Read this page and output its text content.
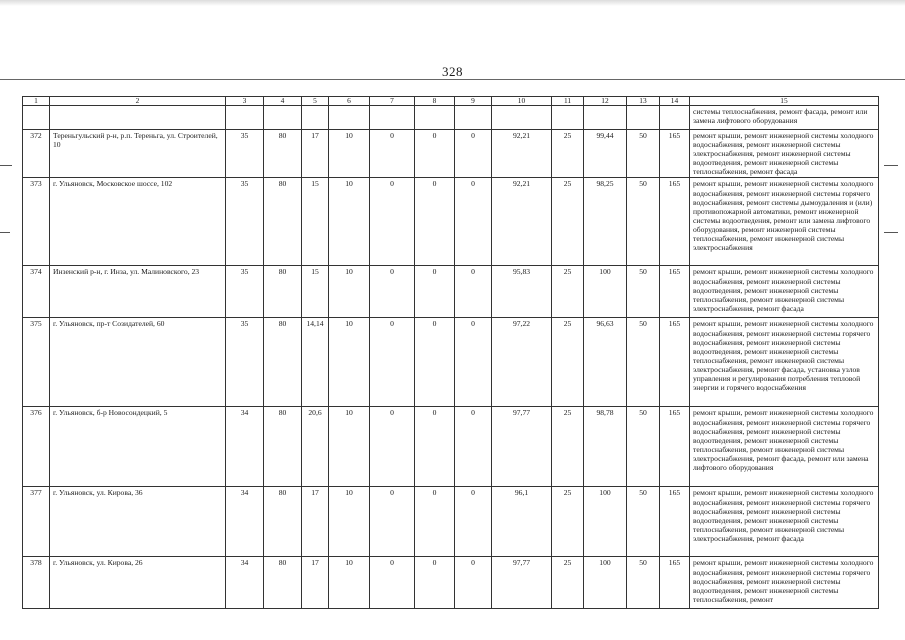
328
1	2	3	4	5	6	7	8	9	10	11	12	13	14	15
														системы теплоснабжения, ремонт фасада, ремонт или замена лифтового оборудования
372	Тереньгульский р-н, р.п. Тереньга, ул. Строителей, 10	35	80	17	10	0	0	0	92,21	25	99,44	50	165	ремонт крыши, ремонт инженерной системы холодного водоснабжения, ремонт инженерной системы электроснабжения, ремонт инженерной системы водоотведения, ремонт инженерной системы теплоснабжения, ремонт фасада
373	г. Ульяновск, Московское шоссе, 102	35	80	15	10	0	0	0	92,21	25	98,25	50	165	ремонт крыши, ремонт инженерной системы холодного водоснабжения, ремонт инженерной системы горячего водоснабжения, ремонт системы дымоудаления и (или) противопожарной автоматики, ремонт инженерной системы водоотведения, ремонт или замена лифтового оборудования, ремонт инженерной системы теплоснабжения, ремонт инженерной системы электроснабжения
374	Инзенский р-н, г. Инза, ул. Малиновского, 23	35	80	15	10	0	0	0	95,83	25	100	50	165	ремонт крыши, ремонт инженерной системы холодного водоснабжения, ремонт инженерной системы водоотведения, ремонт инженерной системы теплоснабжения, ремонт инженерной системы электроснабжения, ремонт фасада
375	г. Ульяновск, пр-т Созидателей, 60	35	80	14,14	10	0	0	0	97,22	25	96,63	50	165	ремонт крыши, ремонт инженерной системы холодного водоснабжения, ремонт инженерной системы горячего водоснабжения, ремонт инженерной системы водоотведения, ремонт инженерной системы теплоснабжения, ремонт инженерной системы электроснабжения, ремонт фасада, установка узлов управления и регулирования потребления тепловой энергии и горячего водоснабжения
376	г. Ульяновск, б-р Новосондецкий, 5	34	80	20,6	10	0	0	0	97,77	25	98,78	50	165	ремонт крыши, ремонт инженерной системы холодного водоснабжения, ремонт инженерной системы горячего водоснабжения, ремонт инженерной системы водоотведения, ремонт инженерной системы теплоснабжения, ремонт инженерной системы электроснабжения, ремонт фасада, ремонт или замена лифтового оборудования
377	г. Ульяновск, ул. Кирова, 36	34	80	17	10	0	0	0	96,1	25	100	50	165	ремонт крыши, ремонт инженерной системы холодного водоснабжения, ремонт инженерной системы горячего водоснабжения, ремонт инженерной системы водоотведения, ремонт инженерной системы теплоснабжения, ремонт инженерной системы электроснабжения, ремонт фасада
378	г. Ульяновск, ул. Кирова, 26	34	80	17	10	0	0	0	97,77	25	100	50	165	ремонт крыши, ремонт инженерной системы холодного водоснабжения, ремонт инженерной системы горячего водоснабжения, ремонт инженерной системы водоотведения, ремонт инженерной системы теплоснабжения, ремонт
